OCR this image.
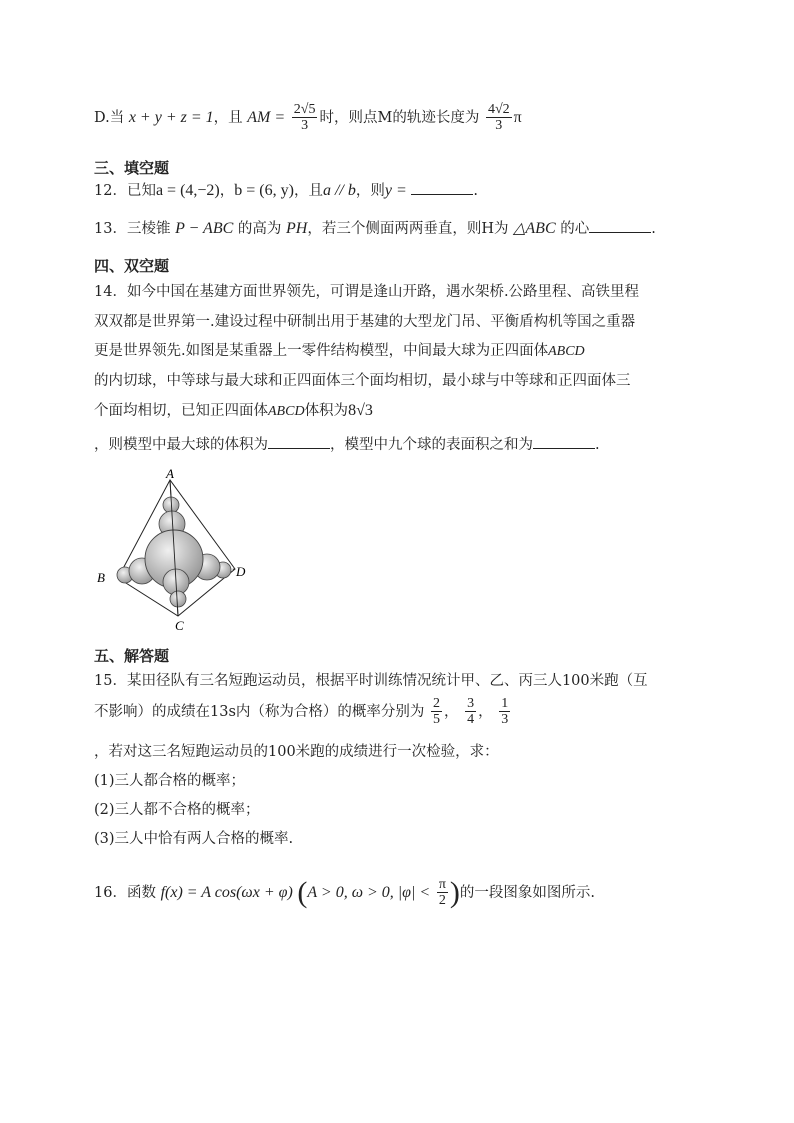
D.当 x + y + z = 1，且 AM = $\frac{2√5}{3}$ 时，则点M的轨迹长度为 $\frac{4√2}{3}$ π
三、填空题
12．已知a = (4,−2)，b = (6, y)，且a // b，则y =	.
13．三棱锥 P − ABC 的高为 PH，若三个侧面两两垂直，则H为 △ABC 的心	.
四、双空题
14．如今中国在基建方面世界领先，可谓是逢山开路，遇水架桥.公路里程、高铁里程
双双都是世界第一.建设过程中研制出用于基建的大型龙门吊、平衡盾构机等国之重器
更是世界领先.如图是某重器上一零件结构模型，中间最大球为正四面体ABCD
的内切球，中等球与最大球和正四面体三个面均相切，最小球与中等球和正四面体三
个面均相切，已知正四面体ABCD体积为8√3
，则模型中最大球的体积为	，模型中九个球的表面积之和为	.
A
B
C
D
五、解答题
15．某田径队有三名短跑运动员，根据平时训练情况统计甲、乙、丙三人100米跑（互
不影响）的成绩在13s内（称为合格）的概率分别为 $\frac{2}{5}$ ， $\frac{3}{4}$ ， $\frac{1}{3}$
，若对这三名短跑运动员的100米跑的成绩进行一次检验，求：
(1)三人都合格的概率；
(2)三人都不合格的概率；
(3)三人中恰有两人合格的概率.
16．函数 f(x) = A cos(ωx + φ) (A > 0, ω > 0, $|\varphi| < \frac{\pi}{2}$ )的一段图象如图所示.
